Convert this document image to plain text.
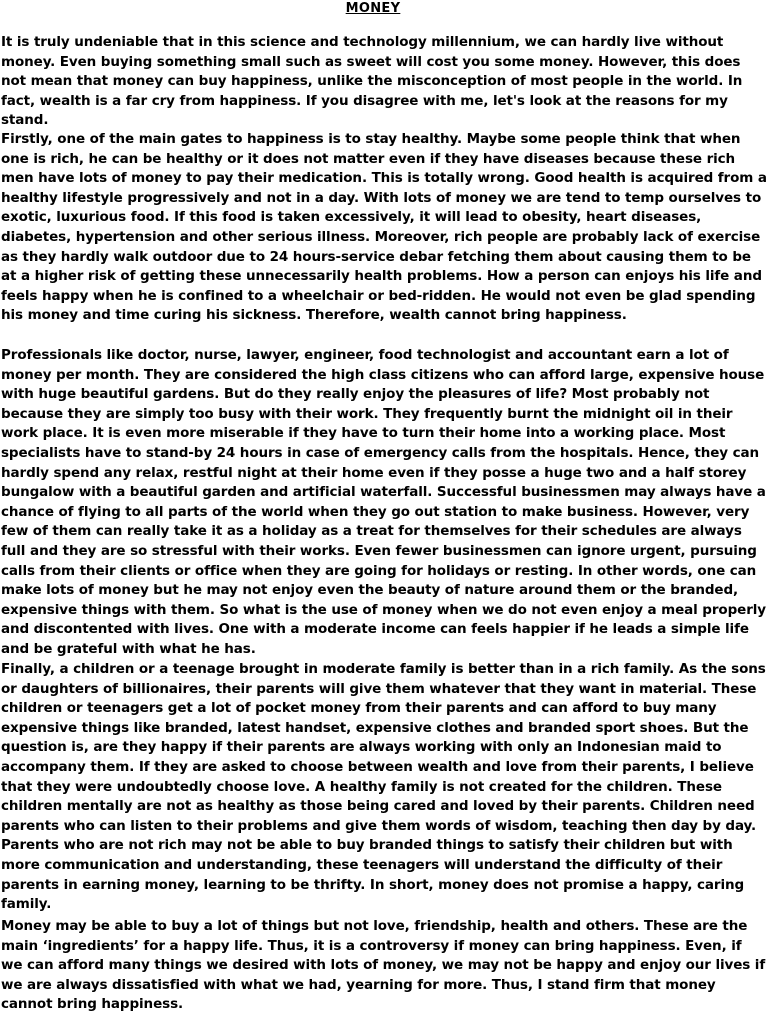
MONEY

It is truly undeniable that in this science and technology millennium, we can hardly live without money. Even buying something small such as sweet will cost you some money. However, this does not mean that money can buy happiness, unlike the misconception of most people in the world. In fact, wealth is a far cry from happiness. If you disagree with me, let's look at the reasons for my stand.

Firstly, one of the main gates to happiness is to stay healthy. Maybe some people think that when one is rich, he can be healthy or it does not matter even if they have diseases because these rich men have lots of money to pay their medication. This is totally wrong. Good health is acquired from a healthy lifestyle progressively and not in a day. With lots of money we are tend to temp ourselves to exotic, luxurious food. If this food is taken excessively, it will lead to obesity, heart diseases, diabetes, hypertension and other serious illness. Moreover, rich people are probably lack of exercise as they hardly walk outdoor due to 24 hours-service debar fetching them about causing them to be at a higher risk of getting these unnecessarily health problems. How a person can enjoys his life and feels happy when he is confined to a wheelchair or bed-ridden. He would not even be glad spending his money and time curing his sickness. Therefore, wealth cannot bring happiness.

Professionals like doctor, nurse, lawyer, engineer, food technologist and accountant earn a lot of money per month. They are considered the high class citizens who can afford large, expensive house with huge beautiful gardens. But do they really enjoy the pleasures of life? Most probably not because they are simply too busy with their work. They frequently burnt the midnight oil in their work place. It is even more miserable if they have to turn their home into a working place. Most specialists have to stand-by 24 hours in case of emergency calls from the hospitals. Hence, they can hardly spend any relax, restful night at their home even if they posse a huge two and a half storey bungalow with a beautiful garden and artificial waterfall. Successful businessmen may always have a chance of flying to all parts of the world when they go out station to make business. However, very few of them can really take it as a holiday as a treat for themselves for their schedules are always full and they are so stressful with their works. Even fewer businessmen can ignore urgent, pursuing calls from their clients or office when they are going for holidays or resting. In other words, one can make lots of money but he may not enjoy even the beauty of nature around them or the branded, expensive things with them. So what is the use of money when we do not even enjoy a meal properly and discontented with lives. One with a moderate income can feels happier if he leads a simple life and be grateful with what he has.

Finally, a children or a teenage brought in moderate family is better than in a rich family. As the sons or daughters of billionaires, their parents will give them whatever that they want in material. These children or teenagers get a lot of pocket money from their parents and can afford to buy many expensive things like branded, latest handset, expensive clothes and branded sport shoes. But the question is, are they happy if their parents are always working with only an Indonesian maid to accompany them. If they are asked to choose between wealth and love from their parents, I believe that they were undoubtedly choose love. A healthy family is not created for the children. These children mentally are not as healthy as those being cared and loved by their parents. Children need parents who can listen to their problems and give them words of wisdom, teaching then day by day. Parents who are not rich may not be able to buy branded things to satisfy their children but with more communication and understanding, these teenagers will understand the difficulty of their parents in earning money, learning to be thrifty. In short, money does not promise a happy, caring family.

Money may be able to buy a lot of things but not love, friendship, health and others. These are the main ‘ingredients’ for a happy life. Thus, it is a controversy if money can bring happiness. Even, if we can afford many things we desired with lots of money, we may not be happy and enjoy our lives if we are always dissatisfied with what we had, yearning for more. Thus, I stand firm that money cannot bring happiness.
